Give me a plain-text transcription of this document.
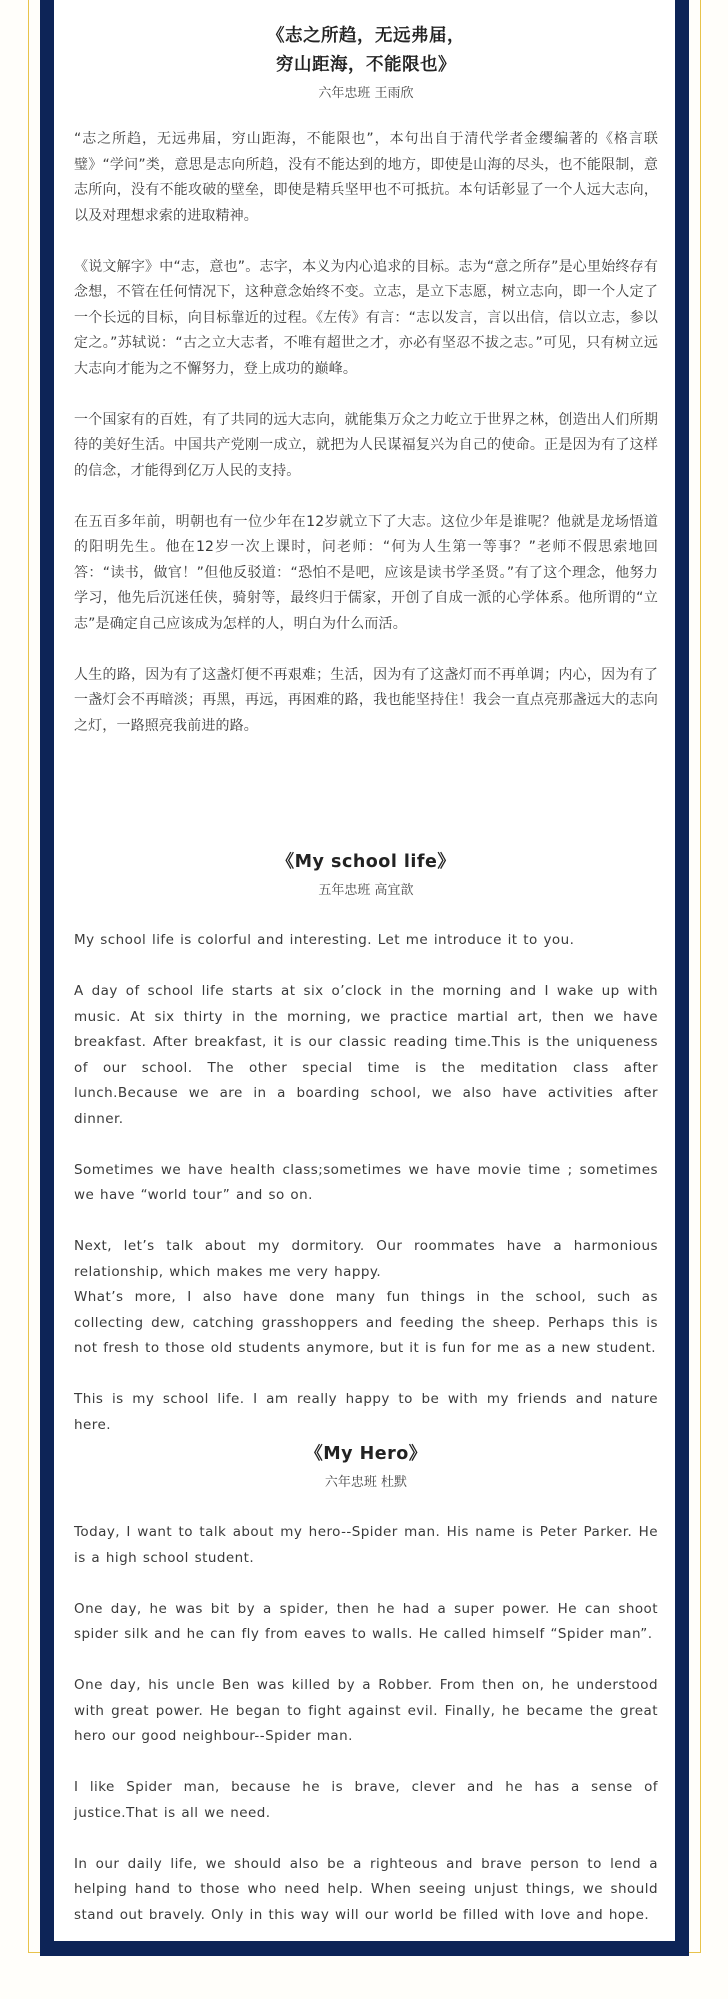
《志之所趋，无远弗届，
穷山距海，不能限也》
六年忠班 王雨欣

“志之所趋，无远弗届，穷山距海，不能限也”，本句出自于清代学者金缨编著的《格言联璧》“学问”类，意思是志向所趋，没有不能达到的地方，即使是山海的尽头，也不能限制，意志所向，没有不能攻破的壁垒，即使是精兵坚甲也不可抵抗。本句话彰显了一个人远大志向，以及对理想求索的进取精神。

《说文解字》中“志，意也”。志字，本义为内心追求的目标。志为“意之所存”是心里始终存有念想，不管在任何情况下，这种意念始终不变。立志，是立下志愿，树立志向，即一个人定了一个长远的目标，向目标靠近的过程。《左传》有言：“志以发言，言以出信，信以立志，参以定之。”苏轼说：“古之立大志者，不唯有超世之才，亦必有坚忍不拔之志。”可见，只有树立远大志向才能为之不懈努力，登上成功的巅峰。

一个国家有的百姓，有了共同的远大志向，就能集万众之力屹立于世界之林，创造出人们所期待的美好生活。中国共产党刚一成立，就把为人民谋福复兴为自己的使命。正是因为有了这样的信念，才能得到亿万人民的支持。

在五百多年前，明朝也有一位少年在12岁就立下了大志。这位少年是谁呢？他就是龙场悟道的阳明先生。他在12岁一次上课时，问老师：“何为人生第一等事？”老师不假思索地回答：“读书，做官！”但他反驳道：“恐怕不是吧，应该是读书学圣贤。”有了这个理念，他努力学习，他先后沉迷任侠，骑射等，最终归于儒家，开创了自成一派的心学体系。他所谓的“立志”是确定自己应该成为怎样的人，明白为什么而活。

人生的路，因为有了这盏灯便不再艰难；生活，因为有了这盏灯而不再单调；内心，因为有了一盏灯会不再暗淡；再黑，再远，再困难的路，我也能坚持住！我会一直点亮那盏远大的志向之灯，一路照亮我前进的路。

《My school life》
五年忠班 高宜歆

My school life is colorful and interesting. Let me introduce it to you.

A day of school life starts at six o’clock in the morning and I wake up with music. At six thirty in the morning, we practice martial art, then we have breakfast. After breakfast, it is our classic reading time.This is the uniqueness of our school. The other special time is the meditation class after lunch.Because we are in a boarding school, we also have activities after dinner.

Sometimes we have health class;sometimes we have movie time ; sometimes we have “world tour” and so on.

Next, let’s talk about my dormitory. Our roommates have a harmonious relationship, which makes me very happy.

What’s more, I also have done many fun things in the school, such as collecting dew, catching grasshoppers and feeding the sheep. Perhaps this is not fresh to those old students anymore, but it is fun for me as a new student.

This is my school life. I am really happy to be with my friends and nature here.

《My Hero》
六年忠班 杜默

Today, I want to talk about my hero--Spider man. His name is Peter Parker. He is a high school student.

One day, he was bit by a spider, then he had a super power. He can shoot spider silk and he can fly from eaves to walls. He called himself “Spider man”.

One day, his uncle Ben was killed by a Robber. From then on, he understood with great power. He began to fight against evil. Finally, he became the great hero our good neighbour--Spider man.

I like Spider man, because he is brave, clever and he has a sense of justice.That is all we need.

In our daily life, we should also be a righteous and brave person to lend a helping hand to those who need help. When seeing unjust things, we should stand out bravely. Only in this way will our world be filled with love and hope.
